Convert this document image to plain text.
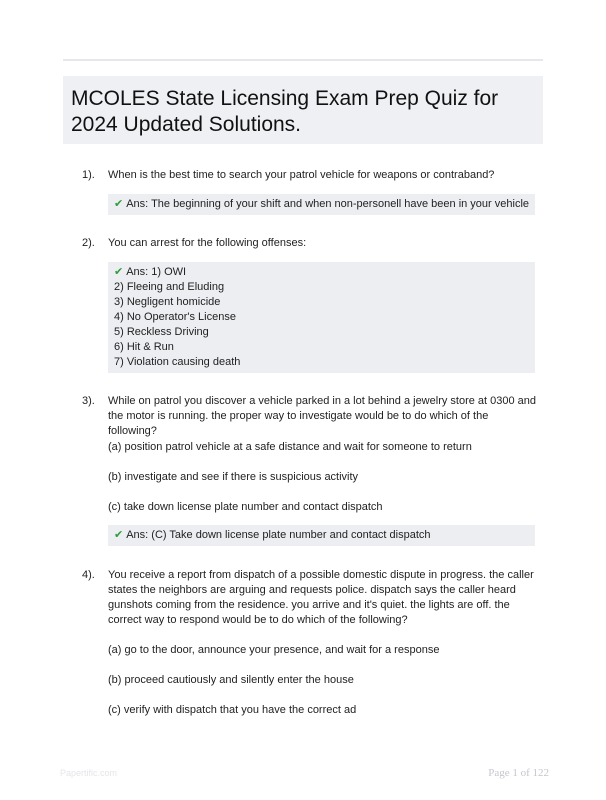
MCOLES State Licensing Exam Prep Quiz for 2024 Updated Solutions.
1).	When is the best time to search your patrol vehicle for weapons or contraband?
✔ Ans: The beginning of your shift and when non-personell have been in your vehicle
2).	You can arrest for the following offenses:
✔ Ans: 1) OWI
2) Fleeing and Eluding
3) Negligent homicide
4) No Operator's License
5) Reckless Driving
6) Hit & Run
7) Violation causing death
3).	While on patrol you discover a vehicle parked in a lot behind a jewelry store at 0300 and the motor is running. the proper way to investigate would be to do which of the following?
(a) position patrol vehicle at a safe distance and wait for someone to return
(b) investigate and see if there is suspicious activity
(c) take down license plate number and contact dispatch
✔ Ans: (C) Take down license plate number and contact dispatch
4).	You receive a report from dispatch of a possible domestic dispute in progress. the caller states the neighbors are arguing and requests police. dispatch says the caller heard gunshots coming from the residence. you arrive and it's quiet. the lights are off. the correct way to respond would be to do which of the following?
(a) go to the door, announce your presence, and wait for a response
(b) proceed cautiously and silently enter the house
(c) verify with dispatch that you have the correct ad
Papertific.com	Page 1 of 122
